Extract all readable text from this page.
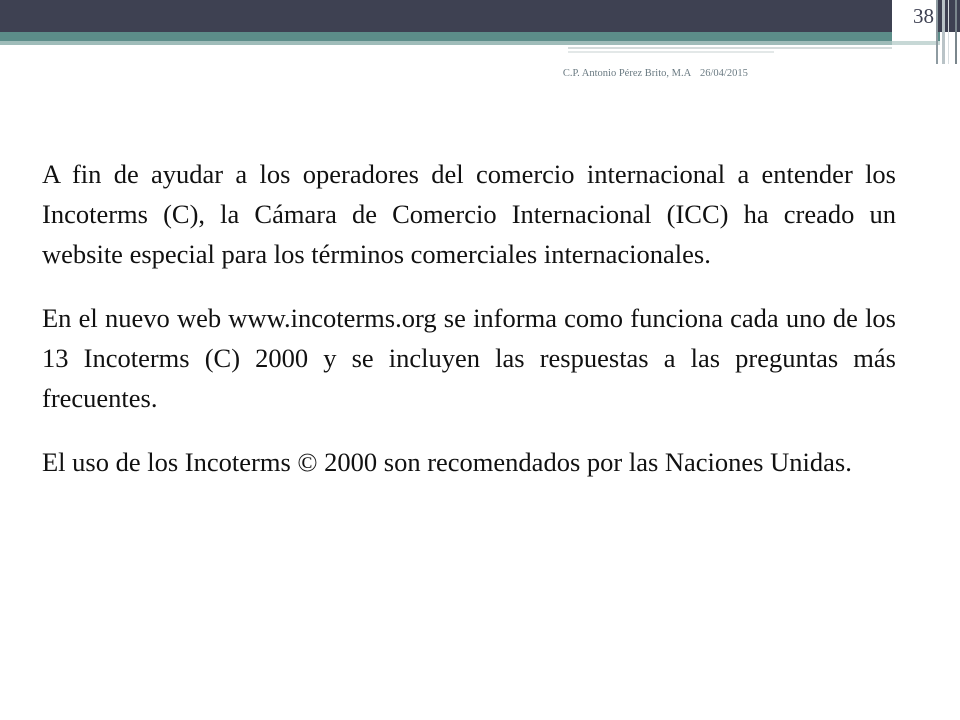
38
C.P. Antonio Pérez Brito, M.A 26/04/2015

A fin de ayudar a los operadores del comercio internacional a entender los Incoterms (C), la Cámara de Comercio Internacional (ICC) ha creado un website especial para los términos comerciales internacionales.

En el nuevo web www.incoterms.org se informa como funciona cada uno de los 13 Incoterms (C) 2000 y se incluyen las respuestas a las preguntas más frecuentes.

El uso de los Incoterms © 2000 son recomendados por las Naciones Unidas.
